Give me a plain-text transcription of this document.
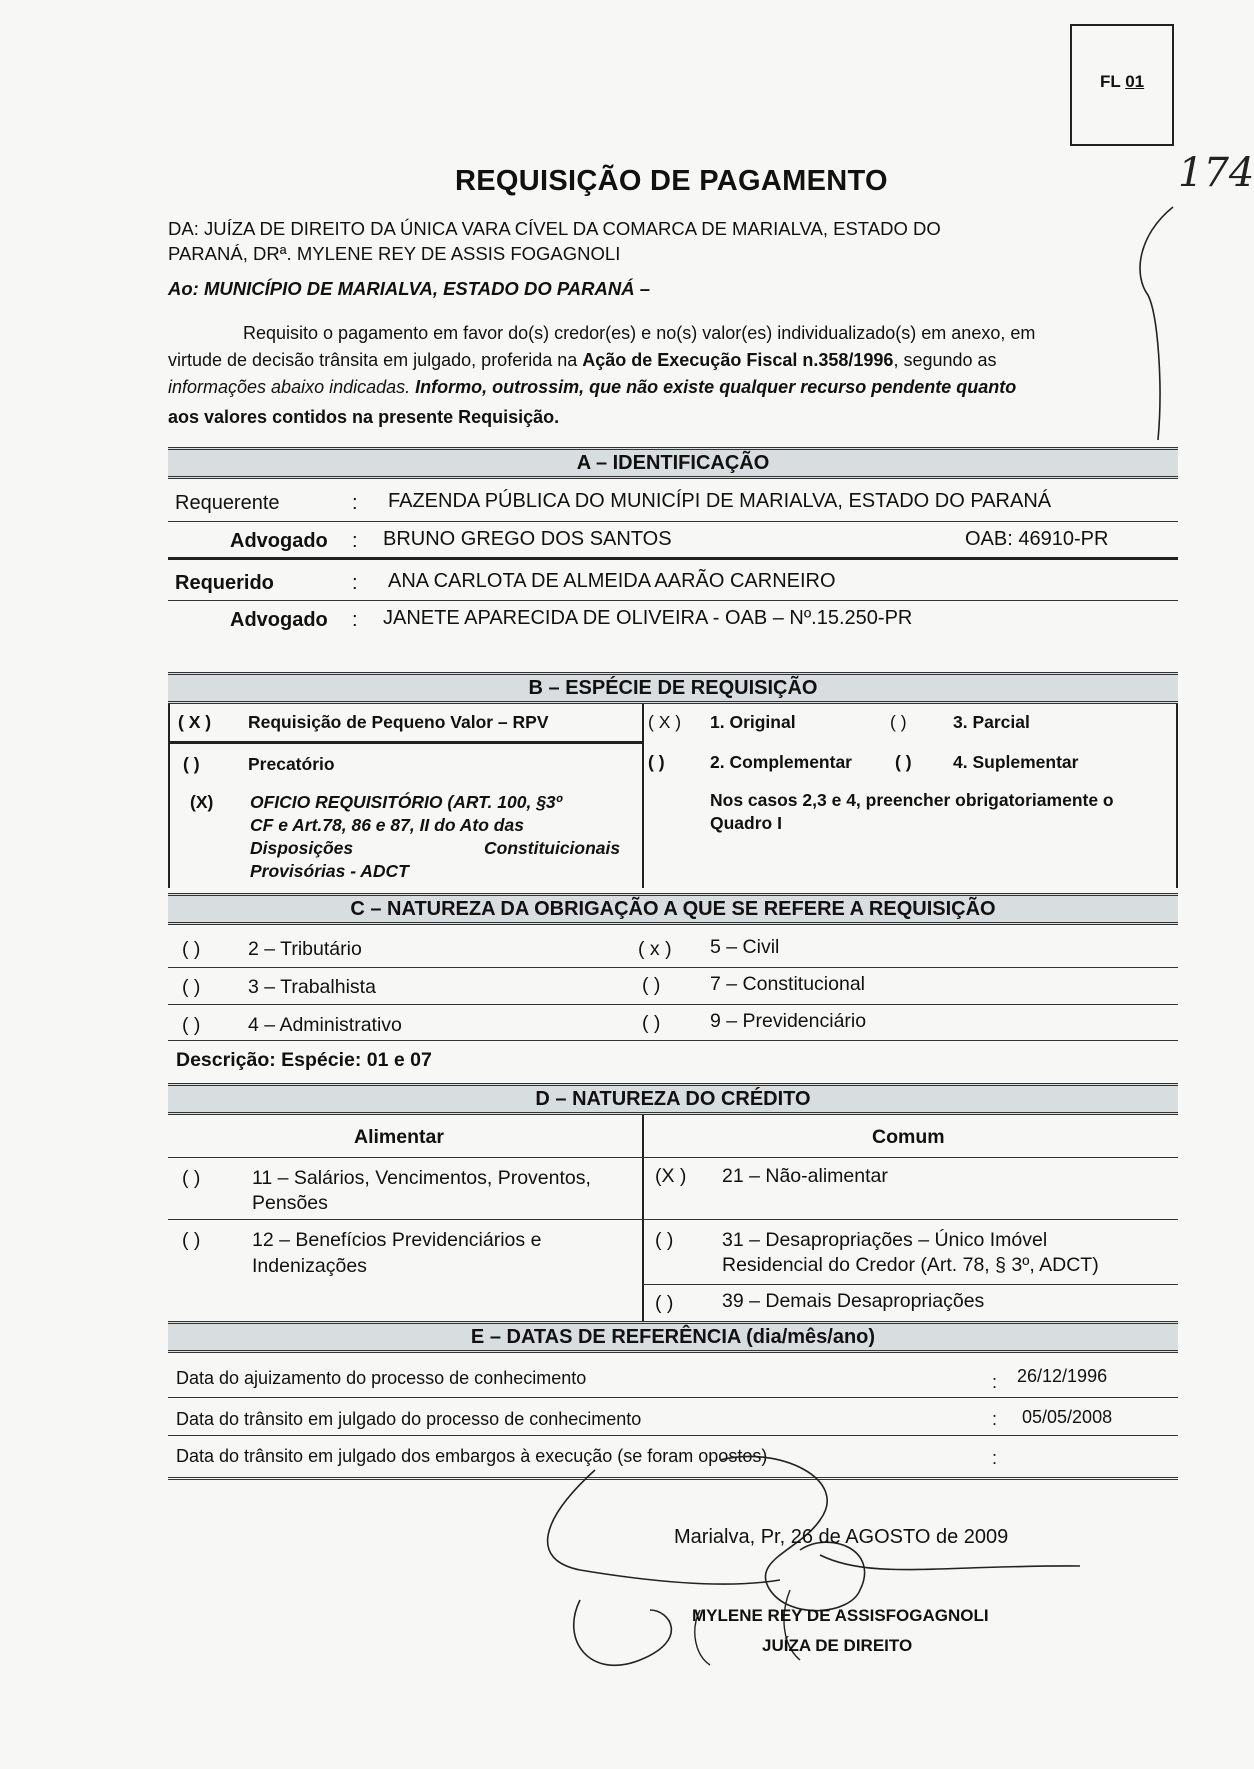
FL 01
174
REQUISIÇÃO DE PAGAMENTO
DA: JUÍZA DE DIREITO DA ÚNICA VARA CÍVEL DA COMARCA DE MARIALVA, ESTADO DO
PARANÁ, DRª. MYLENE REY DE ASSIS FOGAGNOLI
Ao: MUNICÍPIO DE MARIALVA, ESTADO DO PARANÁ –
Requisito o pagamento em favor do(s) credor(es) e no(s) valor(es) individualizado(s) em anexo, em
virtude de decisão trânsita em julgado, proferida na Ação de Execução Fiscal n.358/1996, segundo as
informações abaixo indicadas. Informo, outrossim, que não existe qualquer recurso pendente quanto
aos valores contidos na presente Requisição.
A – IDENTIFICAÇÃO
Requerente	: FAZENDA PÚBLICA DO MUNICÍPI DE MARIALVA, ESTADO DO PARANÁ
Advogado : BRUNO GREGO DOS SANTOS	OAB: 46910-PR
Requerido	: ANA CARLOTA DE ALMEIDA AARÃO CARNEIRO
Advogado : JANETE APARECIDA DE OLIVEIRA - OAB – Nº.15.250-PR
B – ESPÉCIE DE REQUISIÇÃO
( X ) Requisição de Pequeno Valor – RPV	( X ) 1. Original	( )	3. Parcial
( )	Precatório	( )	2. Complementar ( ) 4. Suplementar
(X) OFICIO REQUISITÓRIO (ART. 100, §3º
CF e Art.78, 86 e 87, II do Ato das
Disposições	Constituicionais
Provisórias - ADCT
Nos casos 2,3 e 4, preencher obrigatoriamente o
Quadro I
C – NATUREZA DA OBRIGAÇÃO A QUE SE REFERE A REQUISIÇÃO
( ) 2 – Tributário	( x ) 5 – Civil
( ) 3 – Trabalhista	( )	7 – Constitucional
( ) 4 – Administrativo	( )	9 – Previdenciário
Descrição: Espécie: 01 e 07
D – NATUREZA DO CRÉDITO
Alimentar	Comum
( )	11 – Salários, Vencimentos, Proventos,
Pensões
(X ) 21 – Não-alimentar
( )	12 – Benefícios Previdenciários e
Indenizações
( ) 31 – Desapropriações – Único Imóvel
Residencial do Credor (Art. 78, § 3º, ADCT)
( ) 39 – Demais Desapropriações
E – DATAS DE REFERÊNCIA (dia/mês/ano)
Data do ajuizamento do processo de conhecimento	: 26/12/1996
Data do trânsito em julgado do processo de conhecimento	: 05/05/2008
Data do trânsito em julgado dos embargos à execução (se foram opostos)	:
Marialva, Pr, 26 de AGOSTO de 2009
MYLENE REY DE ASSISFOGAGNOLI
JUÍZA DE DIREITO
